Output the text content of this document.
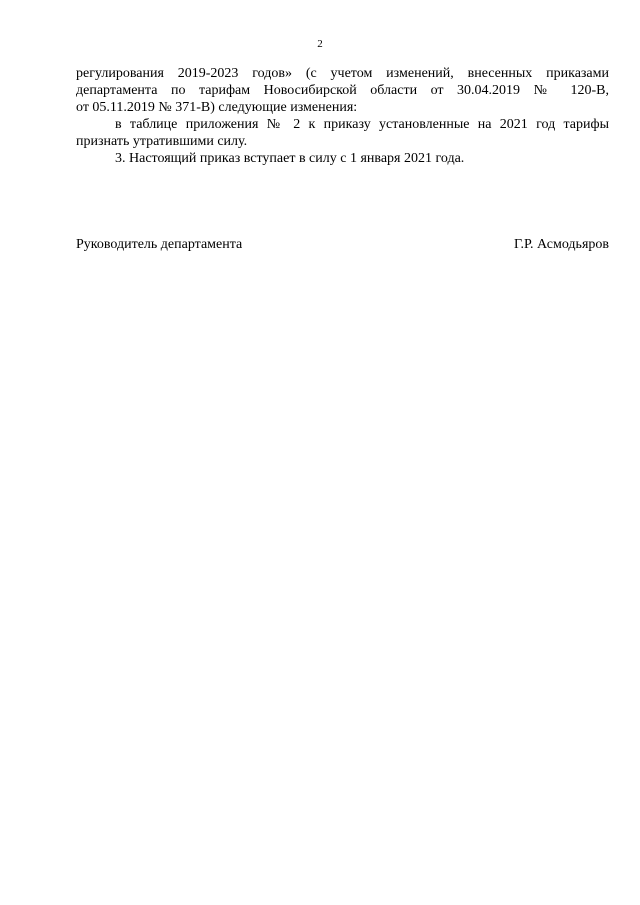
2

регулирования 2019-2023 годов» (с учетом изменений, внесенных приказами

департамента по тарифам Новосибирской области от 30.04.2019 № 120-В,

от 05.11.2019 № 371-В) следующие изменения:

в таблице приложения № 2 к приказу установленные на 2021 год тарифы

признать утратившими силу.

3. Настоящий приказ вступает в силу с 1 января 2021 года.

Руководитель департамента	Г.Р. Асмодьяров
